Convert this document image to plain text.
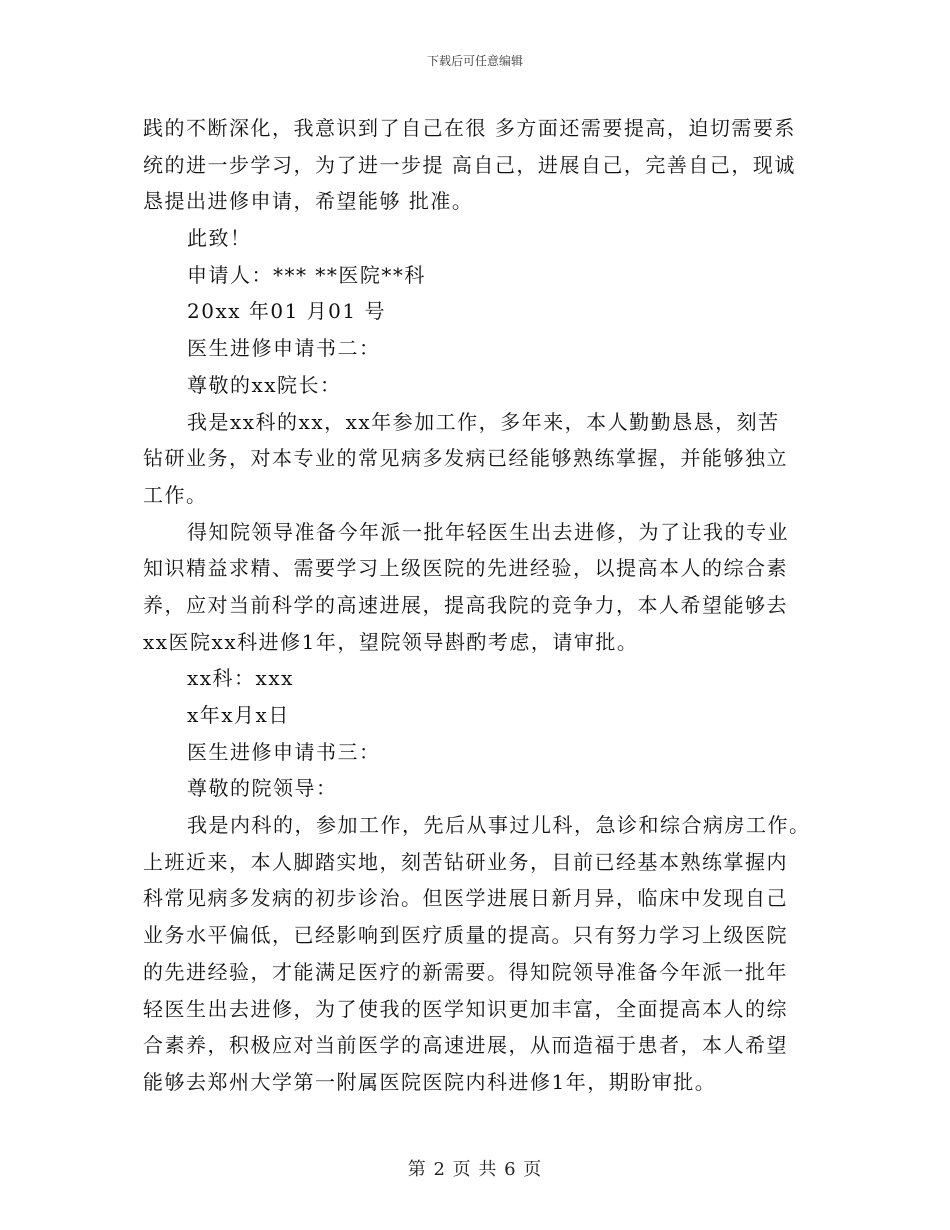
下载后可任意编辑
践的不断深化，我意识到了自己在很 多方面还需要提高，迫切需要系
统的进一步学习，为了进一步提 高自己，进展自己，完善自己，现诚
恳提出进修申请，希望能够 批准。
此致！
申请人：*** **医院**科
20xx 年01 月01 号
医生进修申请书二：
尊敬的xx院长：
我是xx科的xx，xx年参加工作，多年来，本人勤勤恳恳，刻苦
钻研业务，对本专业的常见病多发病已经能够熟练掌握，并能够独立
工作。
得知院领导准备今年派一批年轻医生出去进修，为了让我的专业
知识精益求精、需要学习上级医院的先进经验，以提高本人的综合素
养，应对当前科学的高速进展，提高我院的竞争力，本人希望能够去
xx医院xx科进修1年，望院领导斟酌考虑，请审批。
xx科：xxx
x年x月x日
医生进修申请书三：
尊敬的院领导：
我是内科的，参加工作，先后从事过儿科，急诊和综合病房工作。
上班近来，本人脚踏实地，刻苦钻研业务，目前已经基本熟练掌握内
科常见病多发病的初步诊治。但医学进展日新月异，临床中发现自己
业务水平偏低，已经影响到医疗质量的提高。只有努力学习上级医院
的先进经验，才能满足医疗的新需要。得知院领导准备今年派一批年
轻医生出去进修，为了使我的医学知识更加丰富，全面提高本人的综
合素养，积极应对当前医学的高速进展，从而造福于患者，本人希望
能够去郑州大学第一附属医院医院内科进修1年，期盼审批。
第 2 页 共 6 页
